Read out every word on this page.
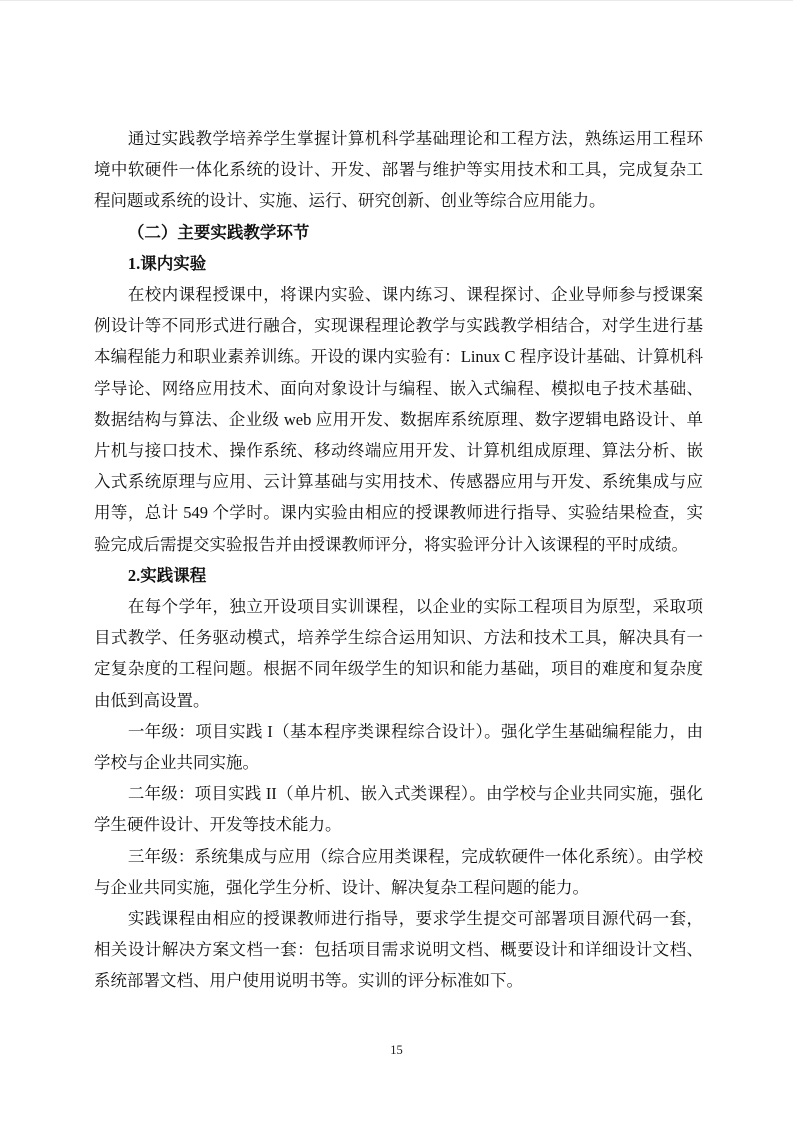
通过实践教学培养学生掌握计算机科学基础理论和工程方法，熟练运用工程环境中软硬件一体化系统的设计、开发、部署与维护等实用技术和工具，完成复杂工程问题或系统的设计、实施、运行、研究创新、创业等综合应用能力。

（二）主要实践教学环节

1.课内实验

在校内课程授课中，将课内实验、课内练习、课程探讨、企业导师参与授课案例设计等不同形式进行融合，实现课程理论教学与实践教学相结合，对学生进行基本编程能力和职业素养训练。开设的课内实验有：Linux C 程序设计基础、计算机科学导论、网络应用技术、面向对象设计与编程、嵌入式编程、模拟电子技术基础、数据结构与算法、企业级 web 应用开发、数据库系统原理、数字逻辑电路设计、单片机与接口技术、操作系统、移动终端应用开发、计算机组成原理、算法分析、嵌入式系统原理与应用、云计算基础与实用技术、传感器应用与开发、系统集成与应用等，总计 549 个学时。课内实验由相应的授课教师进行指导、实验结果检查，实验完成后需提交实验报告并由授课教师评分，将实验评分计入该课程的平时成绩。

2.实践课程

在每个学年，独立开设项目实训课程，以企业的实际工程项目为原型，采取项目式教学、任务驱动模式，培养学生综合运用知识、方法和技术工具，解决具有一定复杂度的工程问题。根据不同年级学生的知识和能力基础，项目的难度和复杂度由低到高设置。

一年级：项目实践 I（基本程序类课程综合设计）。强化学生基础编程能力，由学校与企业共同实施。

二年级：项目实践 II（单片机、嵌入式类课程）。由学校与企业共同实施，强化学生硬件设计、开发等技术能力。

三年级：系统集成与应用（综合应用类课程，完成软硬件一体化系统）。由学校与企业共同实施，强化学生分析、设计、解决复杂工程问题的能力。

实践课程由相应的授课教师进行指导，要求学生提交可部署项目源代码一套，相关设计解决方案文档一套：包括项目需求说明文档、概要设计和详细设计文档、系统部署文档、用户使用说明书等。实训的评分标准如下。

15
